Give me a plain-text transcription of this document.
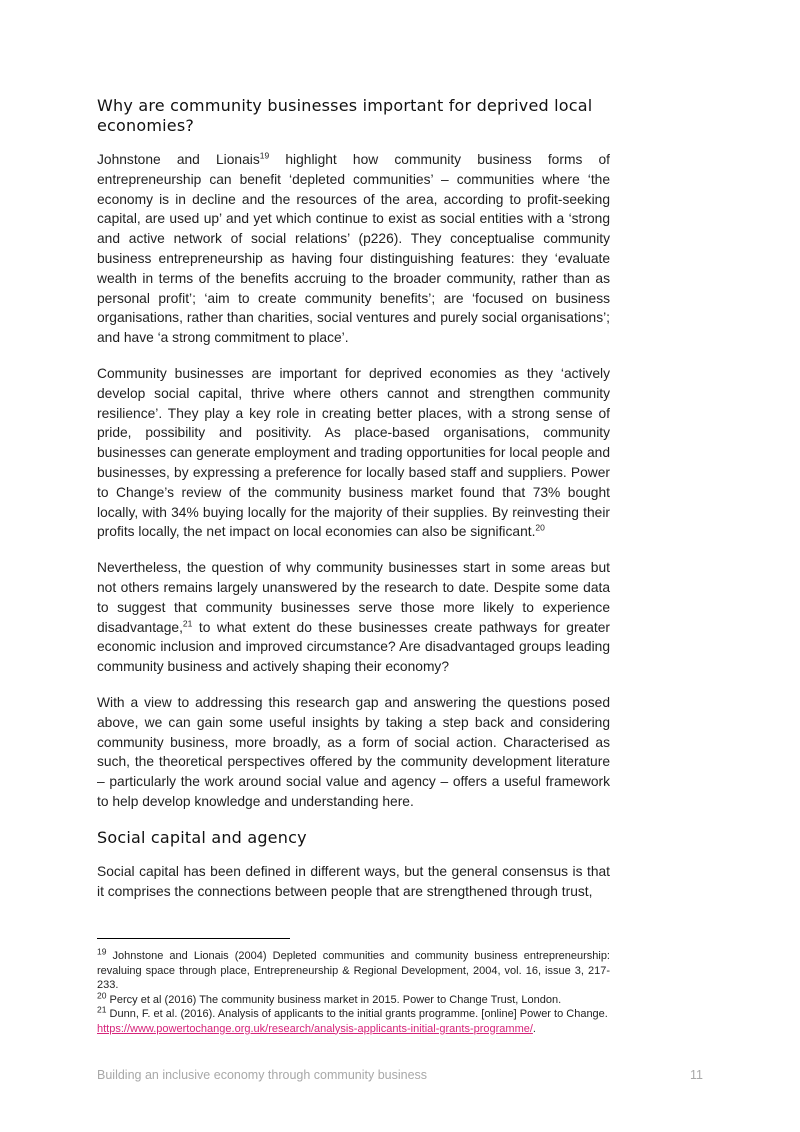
Why are community businesses important for deprived local economies?

Johnstone and Lionais$^{19}$ highlight how community business forms of entrepreneurship can benefit ‘depleted communities’ – communities where ‘the economy is in decline and the resources of the area, according to profit-seeking capital, are used up’ and yet which continue to exist as social entities with a ‘strong and active network of social relations’ (p226). They conceptualise community business entrepreneurship as having four distinguishing features: they ‘evaluate wealth in terms of the benefits accruing to the broader community, rather than as personal profit’; ‘aim to create community benefits’; are ‘focused on business organisations, rather than charities, social ventures and purely social organisations’; and have ‘a strong commitment to place’.

Community businesses are important for deprived economies as they ‘actively develop social capital, thrive where others cannot and strengthen community resilience’. They play a key role in creating better places, with a strong sense of pride, possibility and positivity. As place-based organisations, community businesses can generate employment and trading opportunities for local people and businesses, by expressing a preference for locally based staff and suppliers. Power to Change’s review of the community business market found that 73% bought locally, with 34% buying locally for the majority of their supplies. By reinvesting their profits locally, the net impact on local economies can also be significant.$^{20}$

Nevertheless, the question of why community businesses start in some areas but not others remains largely unanswered by the research to date. Despite some data to suggest that community businesses serve those more likely to experience disadvantage,$^{21}$ to what extent do these businesses create pathways for greater economic inclusion and improved circumstance? Are disadvantaged groups leading community business and actively shaping their economy?

With a view to addressing this research gap and answering the questions posed above, we can gain some useful insights by taking a step back and considering community business, more broadly, as a form of social action. Characterised as such, the theoretical perspectives offered by the community development literature – particularly the work around social value and agency – offers a useful framework to help develop knowledge and understanding here.

Social capital and agency

Social capital has been defined in different ways, but the general consensus is that it comprises the connections between people that are strengthened through trust,

$^{19}$ Johnstone and Lionais (2004) Depleted communities and community business entrepreneurship: revaluing space through place, Entrepreneurship & Regional Development, 2004, vol. 16, issue 3, 217-233.

$^{20}$ Percy et al (2016) The community business market in 2015. Power to Change Trust, London.

$^{21}$ Dunn, F. et al. (2016). Analysis of applicants to the initial grants programme. [online] Power to Change.
https://www.powertochange.org.uk/research/analysis-applicants-initial-grants-programme/.

Building an inclusive economy through community business	11
